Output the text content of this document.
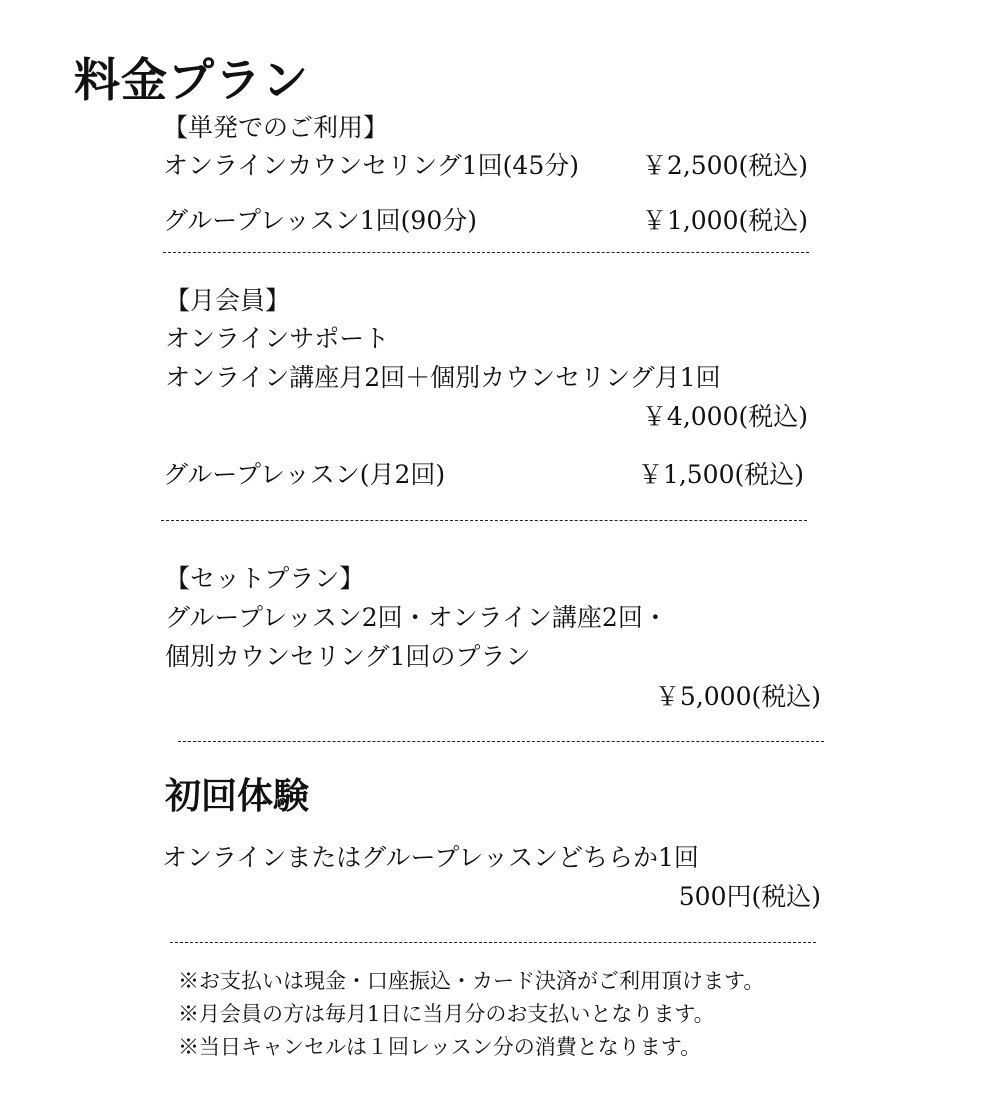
料金プラン
【単発でのご利用】
オンラインカウンセリング1回(45分)	￥2,500(税込)
グループレッスン1回(90分)	￥1,000(税込)
【月会員】
オンラインサポート
オンライン講座月2回＋個別カウンセリング月1回
￥4,000(税込)
グループレッスン(月2回)	￥1,500(税込)
【セットプラン】
グループレッスン2回・オンライン講座2回・
個別カウンセリング1回のプラン
￥5,000(税込)
初回体験
オンラインまたはグループレッスンどちらか1回
500円(税込)
※お支払いは現金・口座振込・カード決済がご利用頂けます。
※月会員の方は毎月1日に当月分のお支払いとなります。
※当日キャンセルは１回レッスン分の消費となります。
